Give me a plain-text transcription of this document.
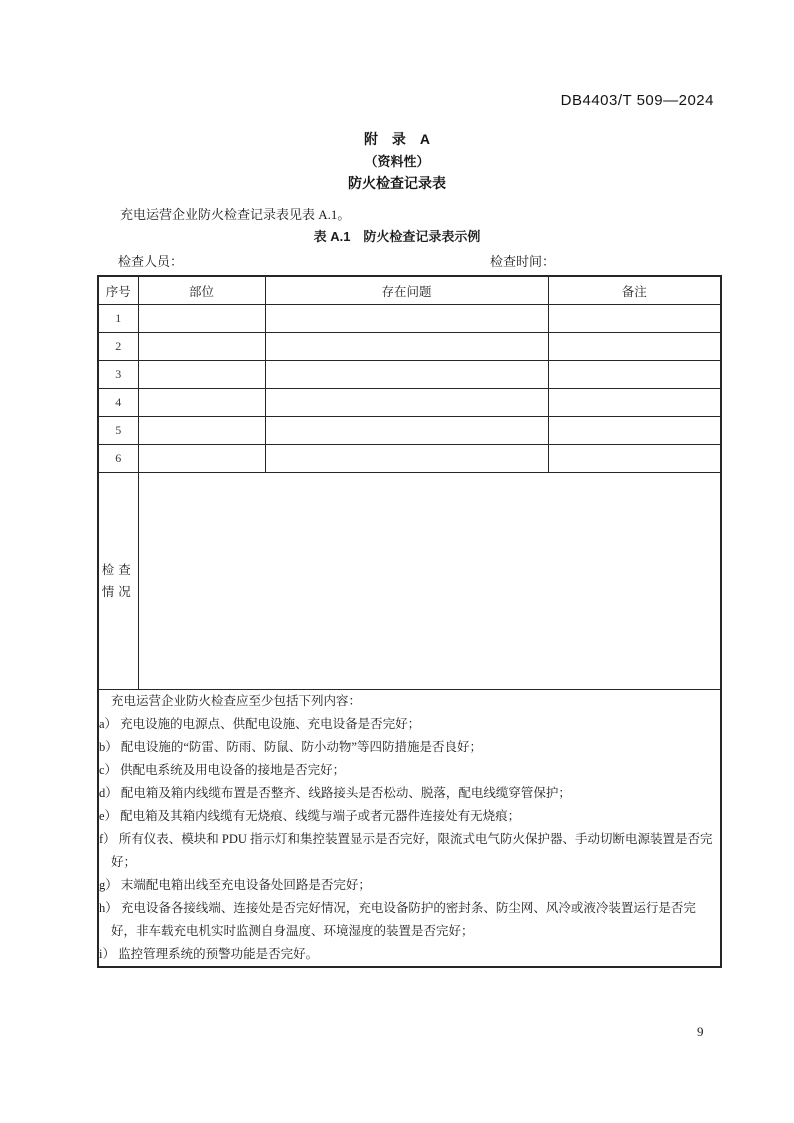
DB4403/T 509—2024
附　录　A
（资料性）
防火检查记录表
充电运营企业防火检查记录表见表 A.1。
表 A.1　防火检查记录表示例
检查人员：	检查时间：
序号	部位	存在问题	备注
1			
2			
3			
4			
5			
6			

检查
情况			

充电运营企业防火检查应至少包括下列内容：
a） 充电设施的电源点、供配电设施、充电设备是否完好；
b） 配电设施的“防雷、防雨、防鼠、防小动物”等四防措施是否良好；
c） 供配电系统及用电设备的接地是否完好；
d） 配电箱及箱内线缆布置是否整齐、线路接头是否松动、脱落，配电线缆穿管保护；
e） 配电箱及其箱内线缆有无烧痕、线缆与端子或者元器件连接处有无烧痕；
f） 所有仪表、模块和 PDU 指示灯和集控装置显示是否完好，限流式电气防火保护器、手动切断电源装置是否完好；
g） 末端配电箱出线至充电设备处回路是否完好；
h） 充电设备各接线端、连接处是否完好情况，充电设备防护的密封条、防尘网、风冷或液冷装置运行是否完好，非车载充电机实时监测自身温度、环境湿度的装置是否完好；
i） 监控管理系统的预警功能是否完好。
9
